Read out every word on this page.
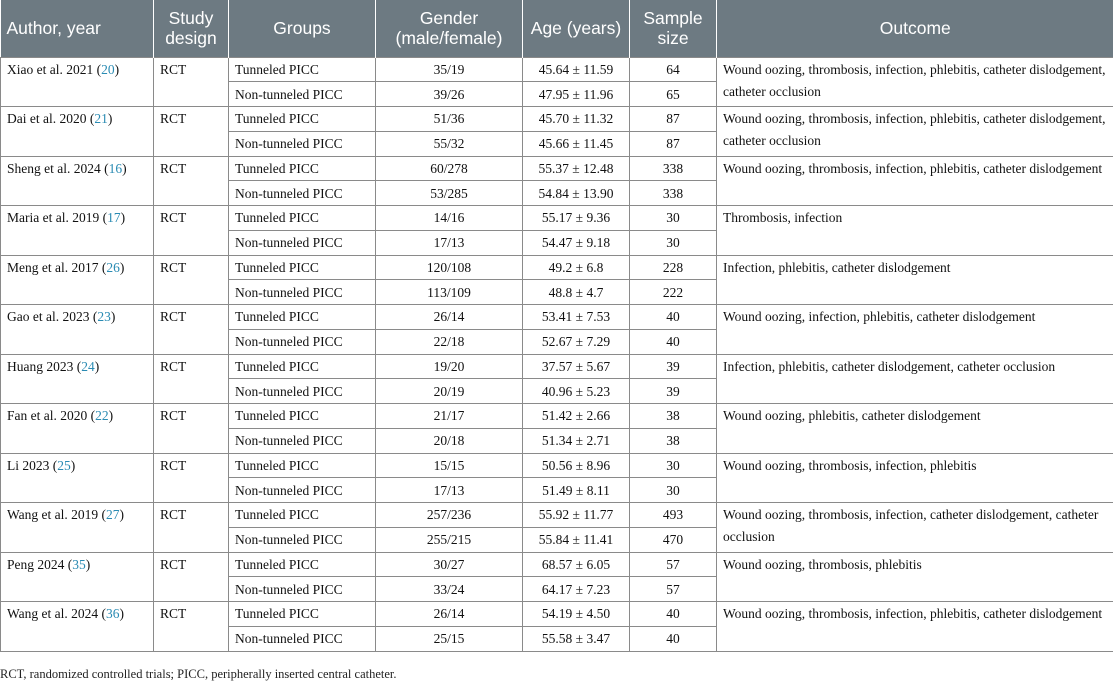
Author, year	Study design	Groups	Gender (male/female)	Age (years)	Sample size	Outcome

Xiao et al. 2021 (20)	RCT	Tunneled PICC	35/19	45.64 ± 11.59	64	Wound oozing, thrombosis, infection, phlebitis, catheter dislodgement, catheter occlusion
		Non-tunneled PICC	39/26	47.95 ± 11.96	65	
Dai et al. 2020 (21)	RCT	Tunneled PICC	51/36	45.70 ± 11.32	87	Wound oozing, thrombosis, infection, phlebitis, catheter dislodgement, catheter occlusion
		Non-tunneled PICC	55/32	45.66 ± 11.45	87	
Sheng et al. 2024 (16)	RCT	Tunneled PICC	60/278	55.37 ± 12.48	338	Wound oozing, thrombosis, infection, phlebitis, catheter dislodgement
		Non-tunneled PICC	53/285	54.84 ± 13.90	338	
Maria et al. 2019 (17)	RCT	Tunneled PICC	14/16	55.17 ± 9.36	30	Thrombosis, infection
		Non-tunneled PICC	17/13	54.47 ± 9.18	30	
Meng et al. 2017 (26)	RCT	Tunneled PICC	120/108	49.2 ± 6.8	228	Infection, phlebitis, catheter dislodgement
		Non-tunneled PICC	113/109	48.8 ± 4.7	222	
Gao et al. 2023 (23)	RCT	Tunneled PICC	26/14	53.41 ± 7.53	40	Wound oozing, infection, phlebitis, catheter dislodgement
		Non-tunneled PICC	22/18	52.67 ± 7.29	40	
Huang 2023 (24)	RCT	Tunneled PICC	19/20	37.57 ± 5.67	39	Infection, phlebitis, catheter dislodgement, catheter occlusion
		Non-tunneled PICC	20/19	40.96 ± 5.23	39	
Fan et al. 2020 (22)	RCT	Tunneled PICC	21/17	51.42 ± 2.66	38	Wound oozing, phlebitis, catheter dislodgement
		Non-tunneled PICC	20/18	51.34 ± 2.71	38	
Li 2023 (25)	RCT	Tunneled PICC	15/15	50.56 ± 8.96	30	Wound oozing, thrombosis, infection, phlebitis
		Non-tunneled PICC	17/13	51.49 ± 8.11	30	
Wang et al. 2019 (27)	RCT	Tunneled PICC	257/236	55.92 ± 11.77	493	Wound oozing, thrombosis, infection, catheter dislodgement, catheter occlusion
		Non-tunneled PICC	255/215	55.84 ± 11.41	470	
Peng 2024 (35)	RCT	Tunneled PICC	30/27	68.57 ± 6.05	57	Wound oozing, thrombosis, phlebitis
		Non-tunneled PICC	33/24	64.17 ± 7.23	57	
Wang et al. 2024 (36)	RCT	Tunneled PICC	26/14	54.19 ± 4.50	40	Wound oozing, thrombosis, infection, phlebitis, catheter dislodgement
		Non-tunneled PICC	25/15	55.58 ± 3.47	40	
RCT, randomized controlled trials; PICC, peripherally inserted central catheter.
